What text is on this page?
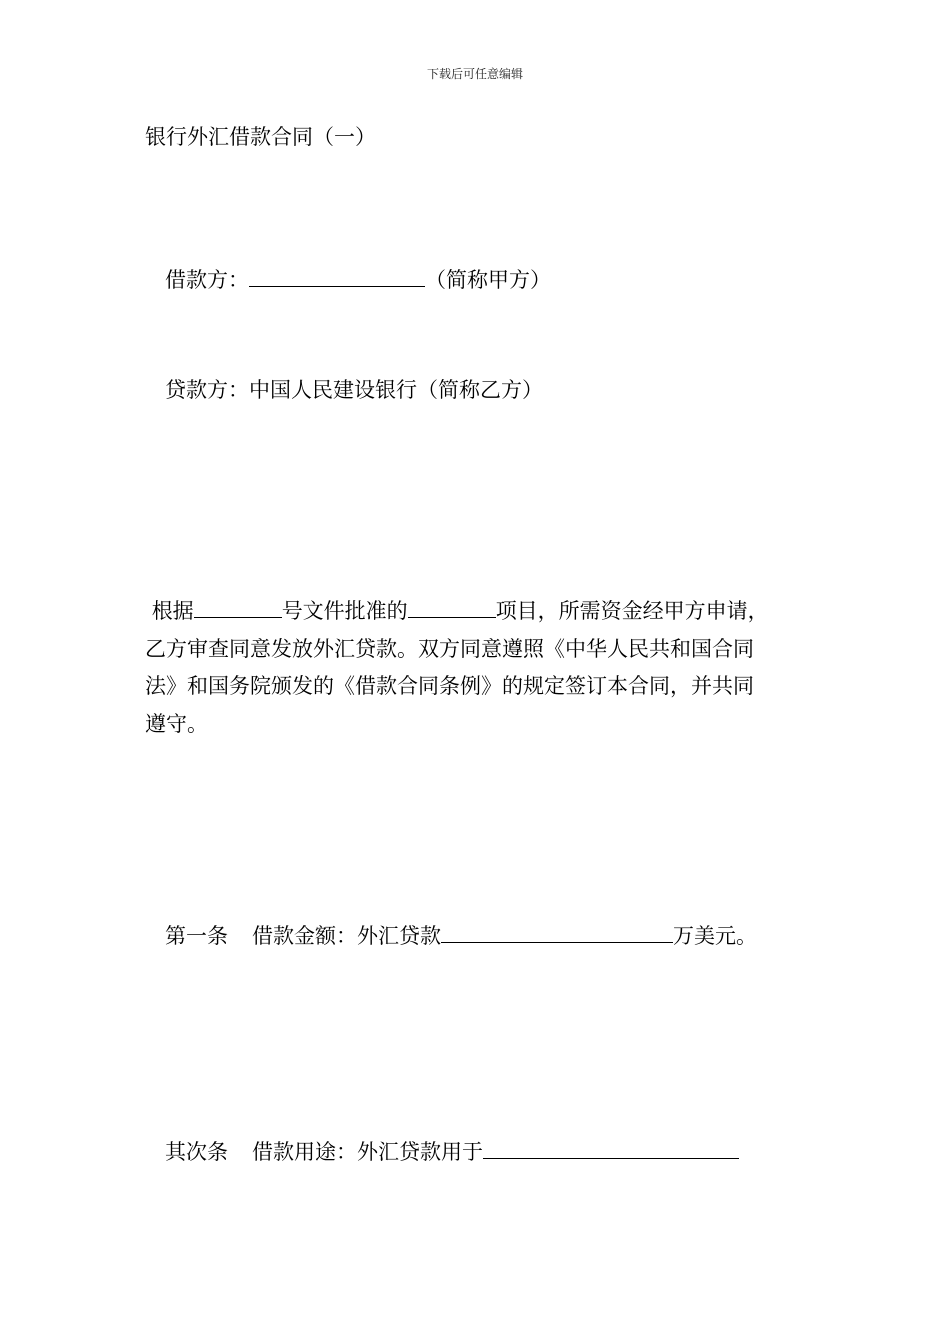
下载后可任意编辑
银行外汇借款合同（一）
借款方：	（简称甲方）
贷款方：中国人民建设银行（简称乙方）
根据	号文件批准的	项目，所需资金经甲方申请，
乙方审查同意发放外汇贷款。双方同意遵照《中华人民共和国合同
法》和国务院颁发的《借款合同条例》的规定签订本合同，并共同
遵守。
第一条 借款金额：外汇贷款	万美元。
其次条 借款用途：外汇贷款用于
